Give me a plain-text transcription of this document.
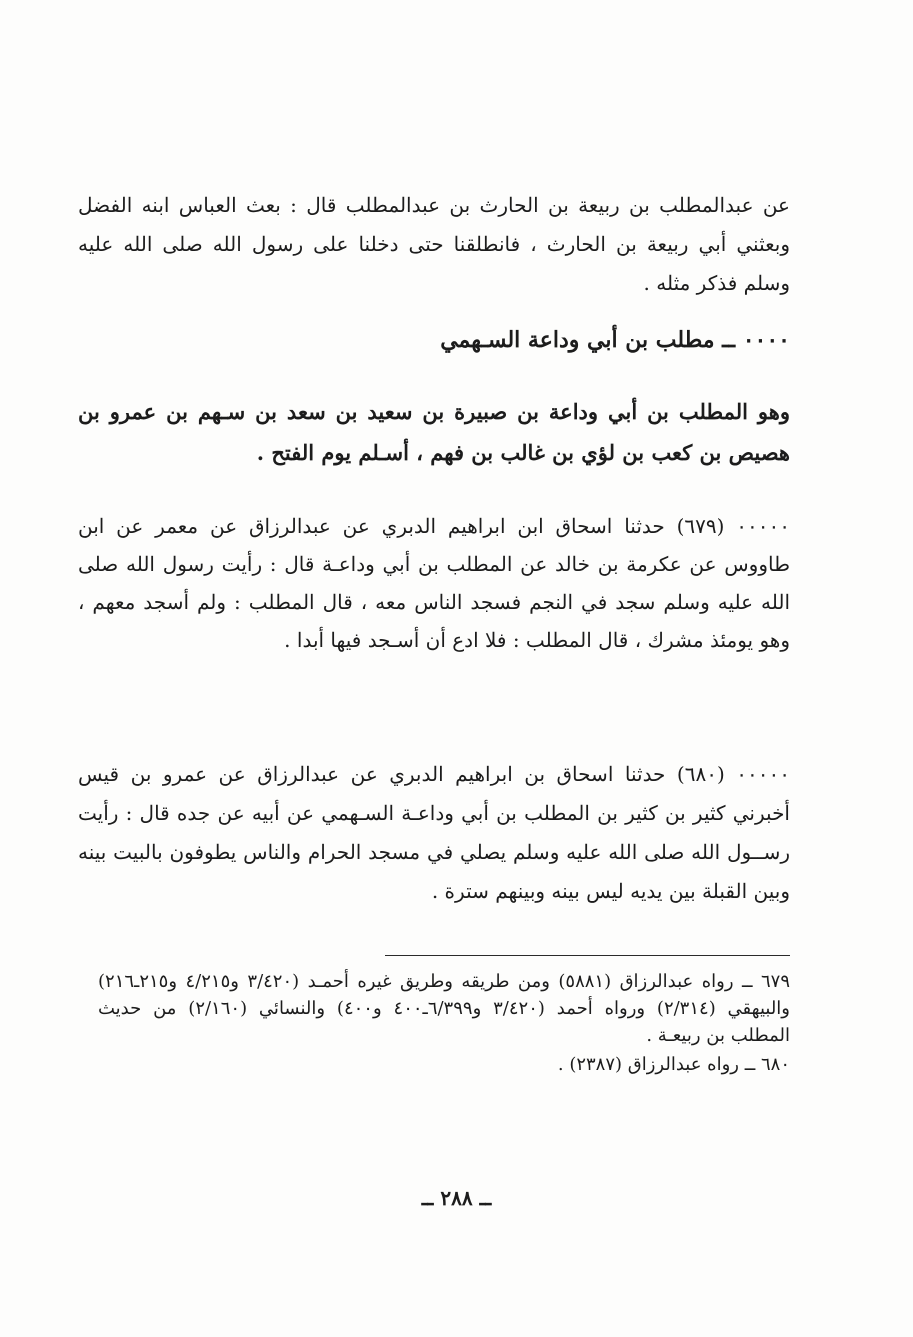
عن عبدالمطلب بن ربيعة بن الحارث بن عبدالمطلب قال : بعث العباس ابنه الفضل وبعثني أبي ربيعة بن الحارث ، فانطلقنا حتى دخلنا على رسول الله صلى الله عليه وسلم فذكر مثله .

٠٠٠٠ ــ مطلب بن أبي وداعة السـهمي

وهو المطلب بن أبي وداعة بن صبيرة بن سعيد بن سعد بن سـهم بن عمرو بن هصيص بن كعب بن لؤي بن غالب بن فهم ، أسـلم يوم الفتح .

٠٠٠٠٠ (٦٧٩) حدثنا اسحاق ابن ابراهيم الدبري عن عبدالرزاق عن معمر عن ابن طاووس عن عكرمة بن خالد عن المطلب بن أبي وداعـة قال : رأيت رسول الله صلى الله عليه وسلم سجد في النجم فسجد الناس معه ، قال المطلب : ولم أسجد معهم ، وهو يومئذ مشرك ، قال المطلب : فلا ادع أن أسـجد فيها أبدا .

٠٠٠٠٠ (٦٨٠) حدثنا اسحاق بن ابراهيم الدبري عن عبدالرزاق عن عمرو بن قيس أخبرني كثير بن كثير بن المطلب بن أبي وداعـة السـهمي عن أبيه عن جده قال : رأيت رســول الله صلى الله عليه وسلم يصلي في مسجد الحرام والناس يطوفون بالبيت بينه وبين القبلة بين يديه ليس بينه وبينهم سترة .

٦٧٩ ــ رواه عبدالرزاق (٥٨٨١) ومن طريقه وطريق غيره أحمـد (٣/٤٢٠ و٤/٢١٥ و٢١٥ـ٢١٦) والبيهقي (٢/٣١٤) ورواه أحمد (٣/٤٢٠ و٦/٣٩٩ـ٤٠٠ و٤٠٠) والنسائي (٢/١٦٠) من حديث المطلب بن ربيعـة .

٦٨٠ ــ رواه عبدالرزاق (٢٣٨٧) .

ــ ٢٨٨ ــ
